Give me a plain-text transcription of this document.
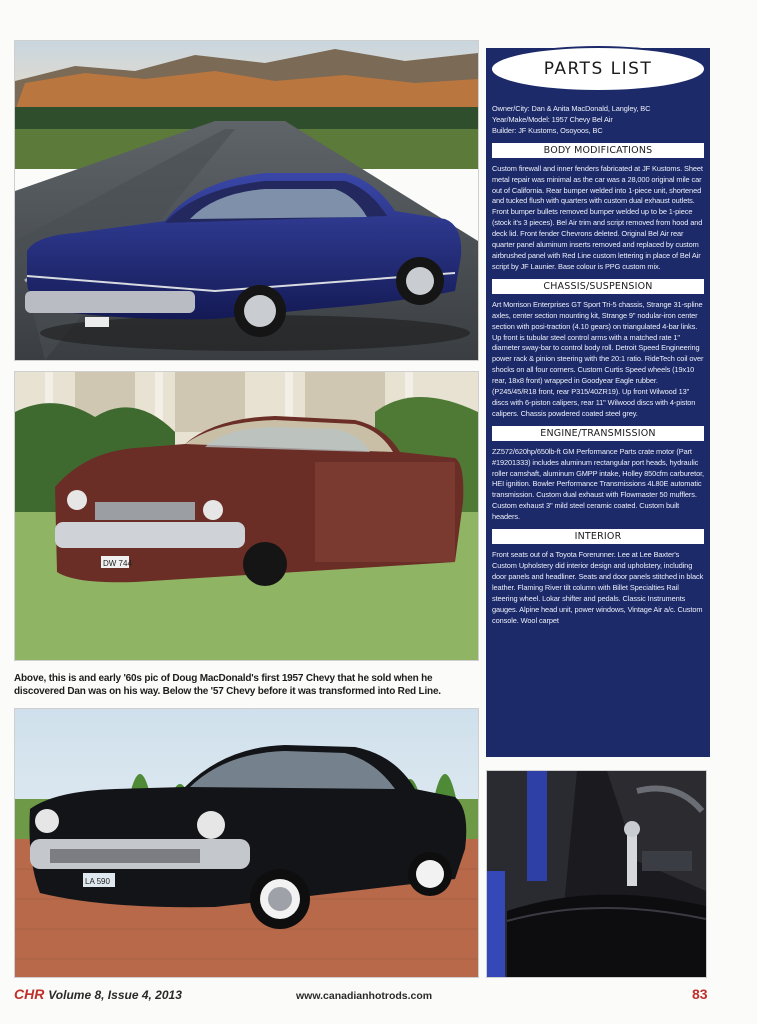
DW 744

Above, this is and early '60s pic of Doug MacDonald's first 1957 Chevy that he sold when he discovered Dan was on his way. Below the '57 Chevy before it was transformed into Red Line.

LA 590
PARTS LIST
Owner/City: Dan & Anita MacDonald, Langley, BC
Year/Make/Model: 1957 Chevy Bel Air
Builder: JF Kustoms, Osoyoos, BC
BODY MODIFICATIONS
Custom firewall and inner fenders fabricated at JF Kustoms. Sheet metal repair was minimal as the car was a 28,000 original mile car out of California. Rear bumper welded into 1-piece unit, shortened and tucked flush with quarters with custom dual exhaust outlets. Front bumper bullets removed bumper welded up to be 1-piece (stock it's 3 pieces). Bel Air trim and script removed from hood and deck lid. Front fender Chevrons deleted. Original Bel Air rear quarter panel aluminum inserts removed and replaced by custom airbrushed panel with Red Line custom lettering in place of Bel Air script by JF Launier. Base colour is PPG custom mix.
CHASSIS/SUSPENSION
Art Morrison Enterprises GT Sport Tri-5 chassis, Strange 31-spline axles, center section mounting kit, Strange 9" nodular-iron center section with posi-traction (4.10 gears) on triangulated 4-bar links. Up front is tubular steel control arms with a matched rate 1" diameter sway-bar to control body roll. Detroit Speed Engineering power rack & pinion steering with the 20:1 ratio. RideTech coil over shocks on all four corners. Custom Curtis Speed wheels (19x10 rear, 18x8 front) wrapped in Goodyear Eagle rubber. (P245/45/R18 front, rear P315/40ZR19). Up front Wilwood 13" discs with 6-piston calipers, rear 11" Wilwood discs with 4-piston calipers. Chassis powdered coated steel grey.
ENGINE/TRANSMISSION
ZZ572/620hp/650lb-ft GM Performance Parts crate motor (Part #19201333) includes aluminum rectangular port heads, hydraulic roller camshaft, aluminum GMPP intake, Holley 850cfm carburetor, HEI ignition. Bowler Performance Transmissions 4L80E automatic transmission. Custom dual exhaust with Flowmaster 50 mufflers. Custom exhaust 3" mild steel ceramic coated. Custom built headers.
INTERIOR
Front seats out of a Toyota Forerunner. Lee at Lee Baxter's Custom Upholstery did interior design and upholstery, including door panels and headliner. Seats and door panels stitched in black leather. Flaming River tilt column with Billet Specialties Rail steering wheel. Lokar shifter and pedals. Classic Instruments gauges. Alpine head unit, power windows, Vintage Air a/c. Custom console. Wool carpet
CHR Volume 8, Issue 4, 2013	www.canadianhotrods.com	83
